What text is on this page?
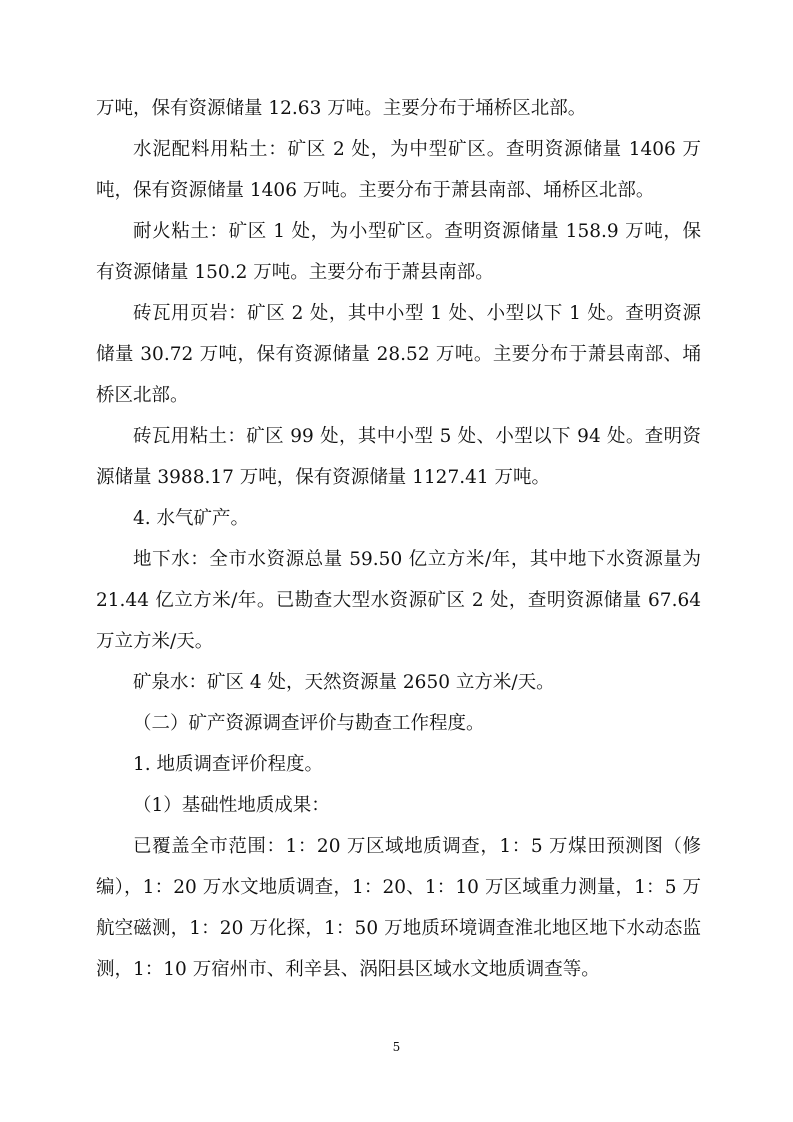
万吨，保有资源储量 12.63 万吨。主要分布于埇桥区北部。

水泥配料用粘土：矿区 2 处，为中型矿区。查明资源储量 1406 万吨，保有资源储量 1406 万吨。主要分布于萧县南部、埇桥区北部。

耐火粘土：矿区 1 处，为小型矿区。查明资源储量 158.9 万吨，保有资源储量 150.2 万吨。主要分布于萧县南部。

砖瓦用页岩：矿区 2 处，其中小型 1 处、小型以下 1 处。查明资源储量 30.72 万吨，保有资源储量 28.52 万吨。主要分布于萧县南部、埇桥区北部。

砖瓦用粘土：矿区 99 处，其中小型 5 处、小型以下 94 处。查明资源储量 3988.17 万吨，保有资源储量 1127.41 万吨。

4. 水气矿产。

地下水：全市水资源总量 59.50 亿立方米/年，其中地下水资源量为 21.44 亿立方米/年。已勘查大型水资源矿区 2 处，查明资源储量 67.64 万立方米/天。

矿泉水：矿区 4 处，天然资源量 2650 立方米/天。

（二）矿产资源调查评价与勘查工作程度。

1. 地质调查评价程度。

（1）基础性地质成果：

已覆盖全市范围：1：20 万区域地质调查，1：5 万煤田预测图（修编），1：20 万水文地质调查，1：20、1：10 万区域重力测量，1：5 万航空磁测，1：20 万化探，1：50 万地质环境调查淮北地区地下水动态监测，1：10 万宿州市、利辛县、涡阳县区域水文地质调查等。

5
